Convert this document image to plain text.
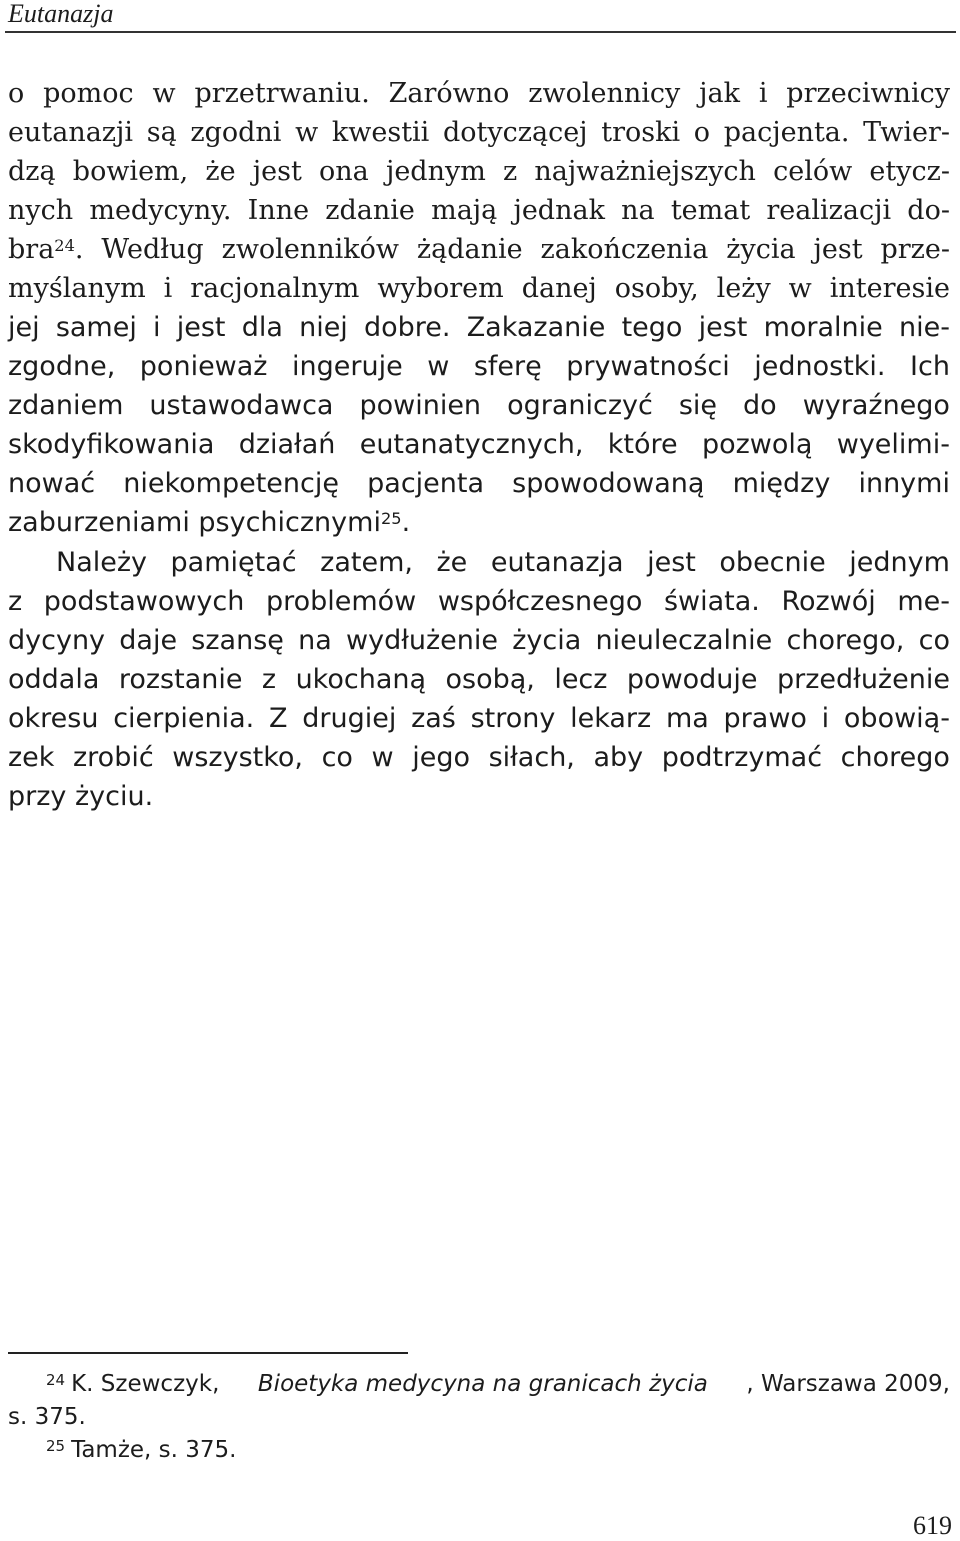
Eutanazja
o pomoc w przetrwaniu. Zarówno zwolennicy jak i przeciwnicy
eutanazji są zgodni w kwestii dotyczącej troski o pacjenta. Twier-
dzą bowiem, że jest ona jednym z najważniejszych celów etycz-
nych medycyny. Inne zdanie mają jednak na temat realizacji do-
bra24. Według zwolenników żądanie zakończenia życia jest prze-
myślanym i racjonalnym wyborem danej osoby, leży w interesie
jej samej i jest dla niej dobre. Zakazanie tego jest moralnie nie-
zgodne, ponieważ ingeruje w sferę prywatności jednostki. Ich
zdaniem ustawodawca powinien ograniczyć się do wyraźnego
skodyfikowania działań eutanatycznych, które pozwolą wyelimi-
nować niekompetencję pacjenta spowodowaną między innymi
zaburzeniami psychicznymi 25 .
Należy pamiętać zatem, że eutanazja jest obecnie jednym
z podstawowych problemów współczesnego świata. Rozwój me-
dycyny daje szansę na wydłużenie życia nieuleczalnie chorego, co
oddala rozstanie z ukochaną osobą, lecz powoduje przedłużenie
okresu cierpienia. Z drugiej zaś strony lekarz ma prawo i obowią-
zek zrobić wszystko, co w jego siłach, aby podtrzymać chorego
przy życiu.
$^{24}$ K. Szewczyk, Bioetyka medycyna na granicach życia , Warszawa 2009,
s. 375.
25 Tamże, s. 375.
619
